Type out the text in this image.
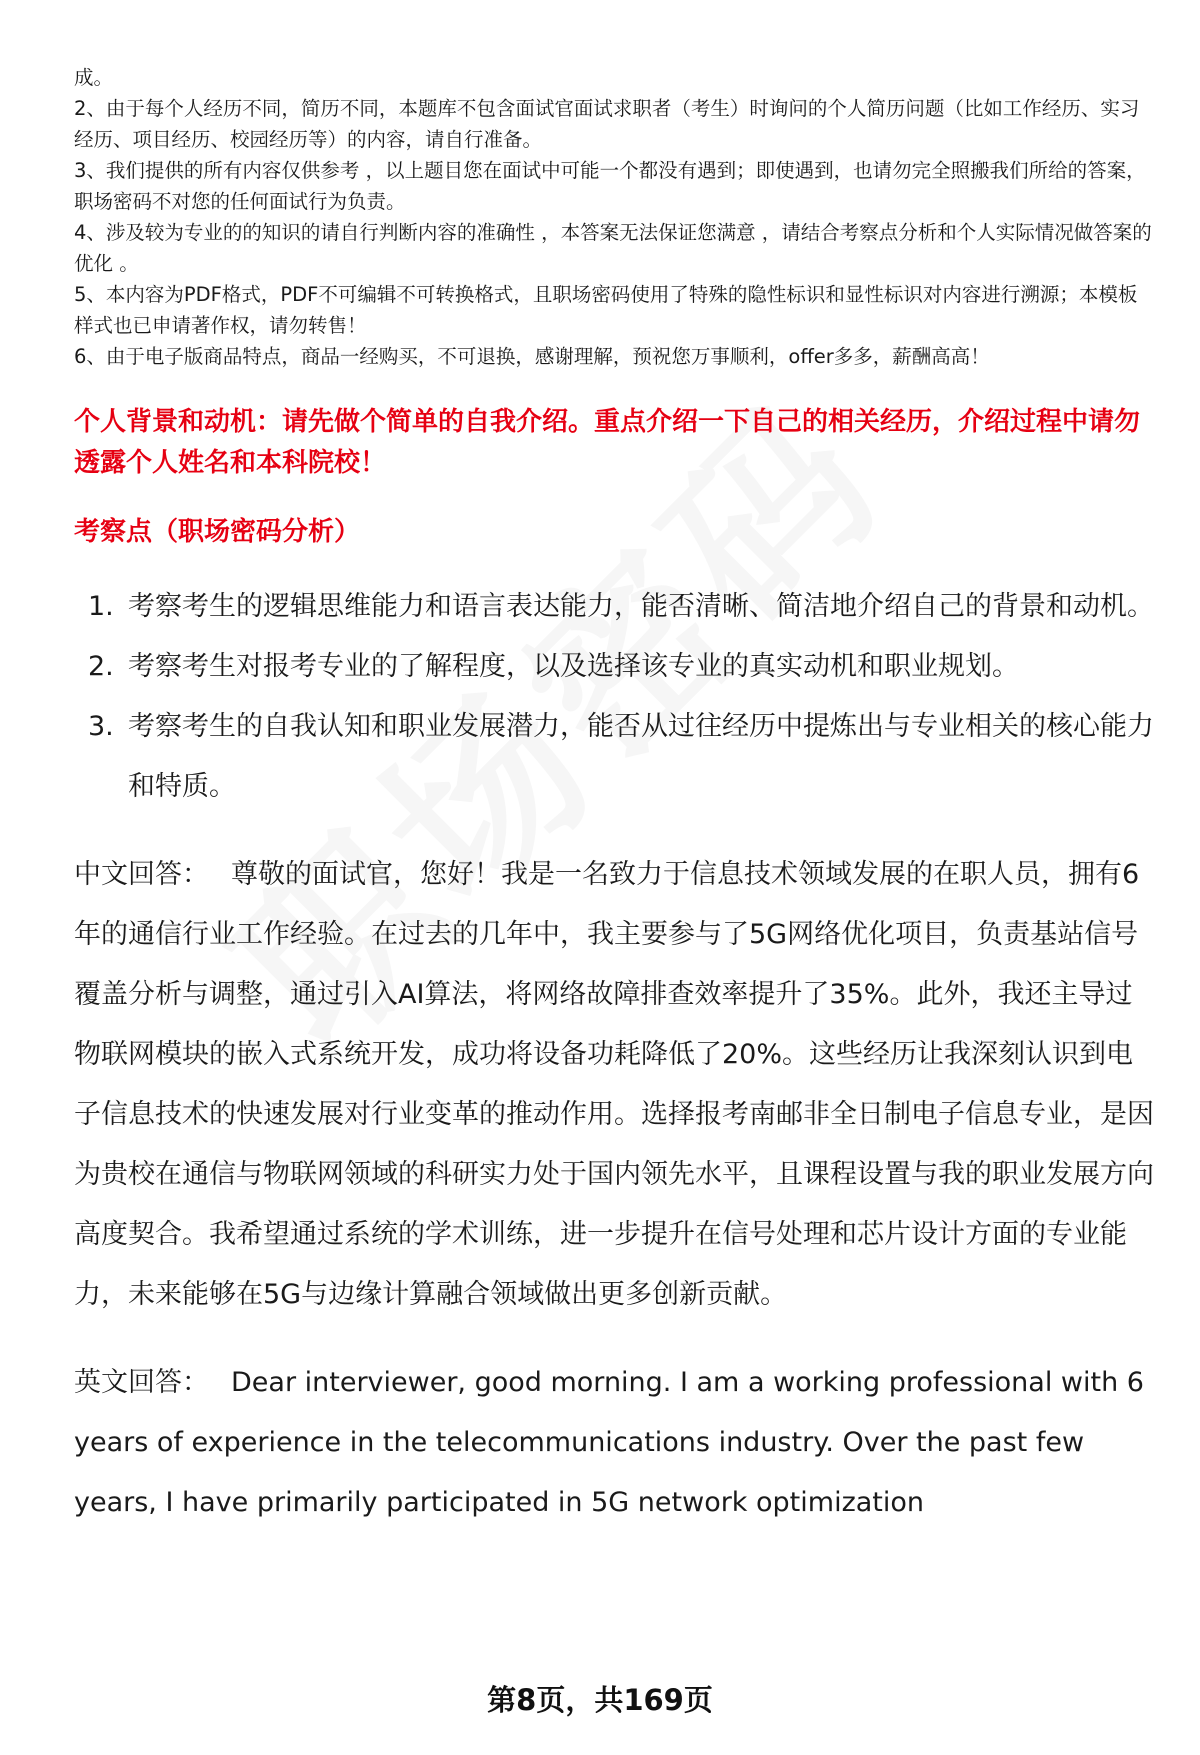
成。

2、由于每个人经历不同，简历不同，本题库不包含面试官面试求职者（考生）时询问的个人简历问题（比如工作经历、实习经历、项目经历、校园经历等）的内容，请自行准备。

3、我们提供的所有内容仅供参考 ，以上题目您在面试中可能一个都没有遇到；即使遇到，也请勿完全照搬我们所给的答案，职场密码不对您的任何面试行为负责。

4、涉及较为专业的的知识的请自行判断内容的准确性 ，本答案无法保证您满意 ，请结合考察点分析和个人实际情况做答案的优化 。

5、本内容为PDF格式，PDF不可编辑不可转换格式，且职场密码使用了特殊的隐性标识和显性标识对内容进行溯源；本模板样式也已申请著作权，请勿转售！

6、由于电子版商品特点，商品一经购买，不可退换，感谢理解，预祝您万事顺利，offer多多，薪酬高高！

个人背景和动机：请先做个简单的自我介绍。重点介绍一下自己的相关经历，介绍过程中请勿透露个人姓名和本科院校！
考察点（职场密码分析）
1. 考察考生的逻辑思维能力和语言表达能力，能否清晰、简洁地介绍自己的背景和动机。
2. 考察考生对报考专业的了解程度，以及选择该专业的真实动机和职业规划。
3. 考察考生的自我认知和职业发展潜力，能否从过往经历中提炼出与专业相关的核心能力和特质。

中文回答： 尊敬的面试官，您好！我是一名致力于信息技术领域发展的在职人员，拥有6年的通信行业工作经验。在过去的几年中，我主要参与了5G网络优化项目，负责基站信号覆盖分析与调整，通过引入AI算法，将网络故障排查效率提升了35%。此外，我还主导过物联网模块的嵌入式系统开发，成功将设备功耗降低了20%。这些经历让我深刻认识到电子信息技术的快速发展对行业变革的推动作用。选择报考南邮非全日制电子信息专业，是因为贵校在通信与物联网领域的科研实力处于国内领先水平，且课程设置与我的职业发展方向高度契合。我希望通过系统的学术训练，进一步提升在信号处理和芯片设计方面的专业能力，未来能够在5G与边缘计算融合领域做出更多创新贡献。

英文回答： Dear interviewer, good morning. I am a working professional with 6 years of experience in the telecommunications industry. Over the past few years, I have primarily participated in 5G network optimization

第8页，共169页
